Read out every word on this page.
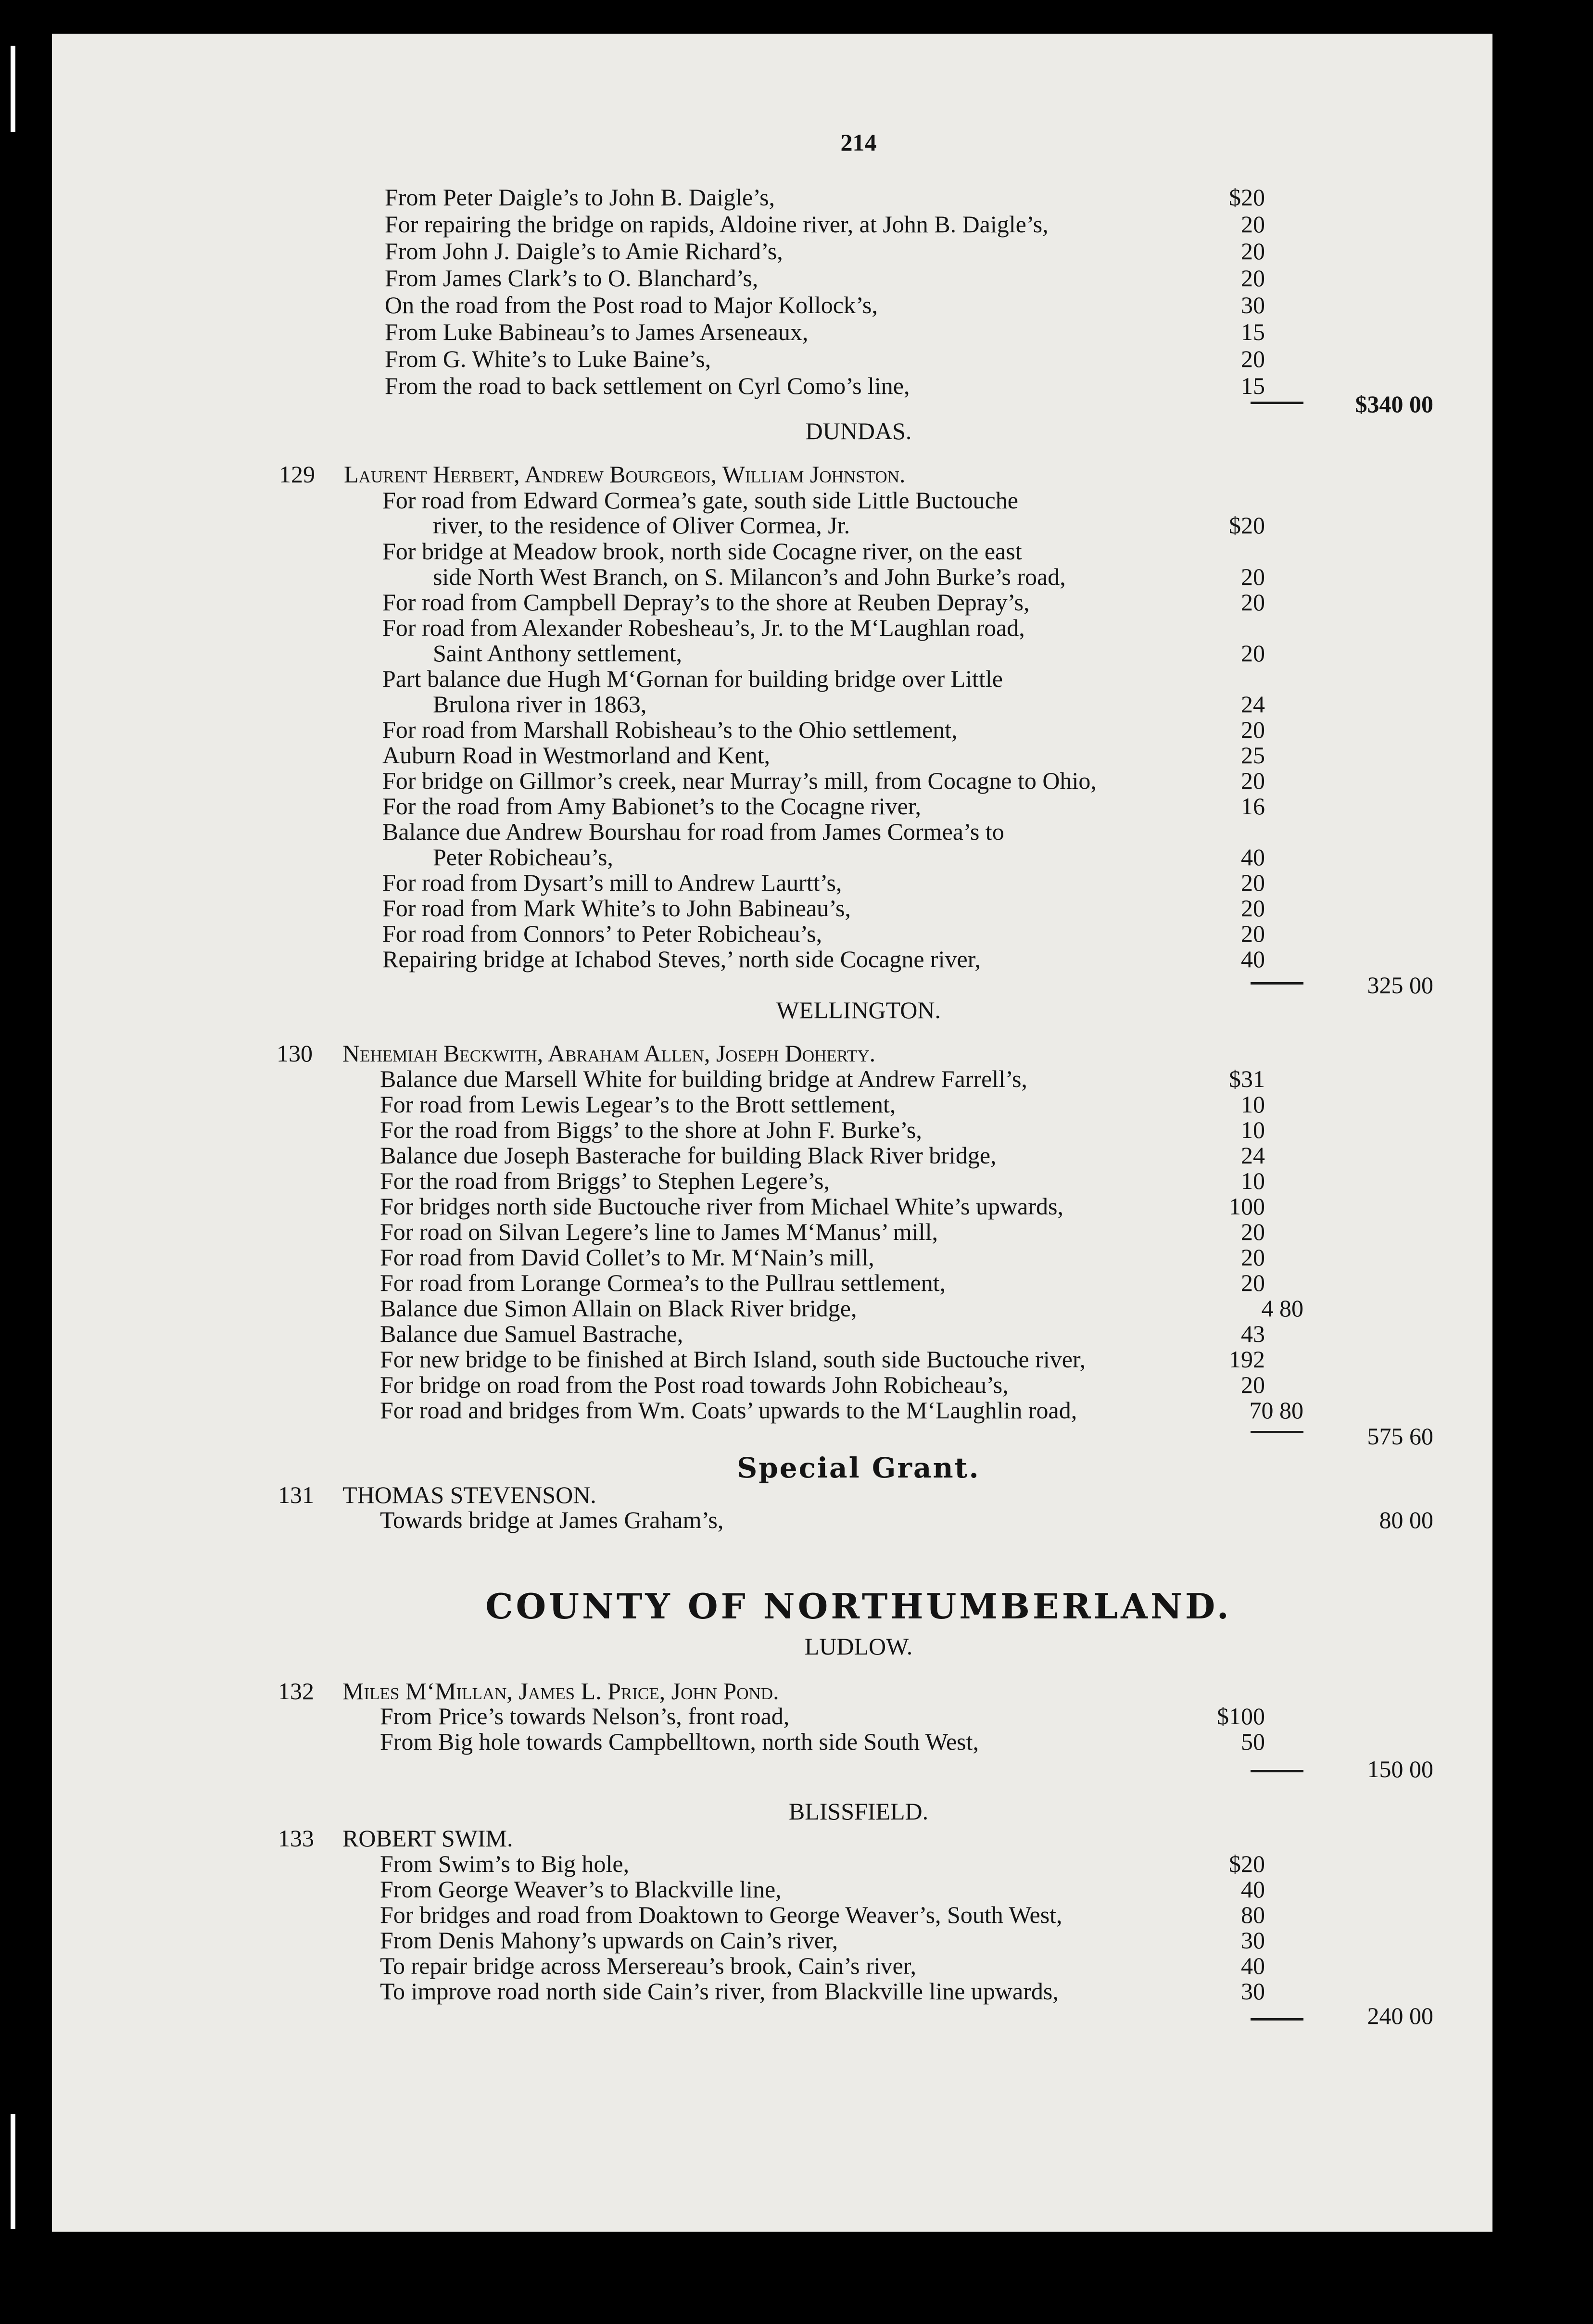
214
From Peter Daigle’s to John B. Daigle’s,	$20
For repairing the bridge on rapids, Aldoine river, at John B. Daigle’s,	20
From John J. Daigle’s to Amie Richard’s,	20
From James Clark’s to O. Blanchard’s,	20
On the road from the Post road to Major Kollock’s,	30
From Luke Babineau’s to James Arseneaux,	15
From G. White’s to Luke Baine’s,	20
From the road to back settlement on Cyrl Como’s line,	15
$340 00
DUNDAS.
129 Laurent Herbert, Andrew Bourgeois, William Johnston.
For road from Edward Cormea’s gate, south side Little Buctouche
river, to the residence of Oliver Cormea, Jr.	$20
For bridge at Meadow brook, north side Cocagne river, on the east
side North West Branch, on S. Milancon’s and John Burke’s road,	20
For road from Campbell Depray’s to the shore at Reuben Depray’s,	20
For road from Alexander Robesheau’s, Jr. to the M‘Laughlan road,
Saint Anthony settlement,	20
Part balance due Hugh M‘Gornan for building bridge over Little
Brulona river in 1863,	24
For road from Marshall Robisheau’s to the Ohio settlement,	20
Auburn Road in Westmorland and Kent,	25
For bridge on Gillmor’s creek, near Murray’s mill, from Cocagne to Ohio,	20
For the road from Amy Babionet’s to the Cocagne river,	16
Balance due Andrew Bourshau for road from James Cormea’s to
Peter Robicheau’s,	40
For road from Dysart’s mill to Andrew Laurtt’s,	20
For road from Mark White’s to John Babineau’s,	20
For road from Connors’ to Peter Robicheau’s,	20
Repairing bridge at Ichabod Steves,’ north side Cocagne river,	40
325 00
WELLINGTON.
130 Nehemiah Beckwith, Abraham Allen, Joseph Doherty.
Balance due Marsell White for building bridge at Andrew Farrell’s,	$31
For road from Lewis Legear’s to the Brott settlement,	10
For the road from Biggs’ to the shore at John F. Burke’s,	10
Balance due Joseph Basterache for building Black River bridge,	24
For the road from Briggs’ to Stephen Legere’s,	10
For bridges north side Buctouche river from Michael White’s upwards,	100
For road on Silvan Legere’s line to James M‘Manus’ mill,	20
For road from David Collet’s to Mr. M‘Nain’s mill,	20
For road from Lorange Cormea’s to the Pullrau settlement,	20
Balance due Simon Allain on Black River bridge,	4 80
Balance due Samuel Bastrache,	43
For new bridge to be finished at Birch Island, south side Buctouche river,	192
For bridge on road from the Post road towards John Robicheau’s,	20
For road and bridges from Wm. Coats’ upwards to the M‘Laughlin road,	70 80
575 60
Special Grant.
131 THOMAS STEVENSON.
Towards bridge at James Graham’s,	80 00
COUNTY OF NORTHUMBERLAND.
LUDLOW.
132 Miles M‘Millan, James L. Price, John Pond.
From Price’s towards Nelson’s, front road,	$100
From Big hole towards Campbelltown, north side South West,	50
150 00
BLISSFIELD.
133 ROBERT SWIM.
From Swim’s to Big hole,	$20
From George Weaver’s to Blackville line,	40
For bridges and road from Doaktown to George Weaver’s, South West,	80
From Denis Mahony’s upwards on Cain’s river,	30
To repair bridge across Mersereau’s brook, Cain’s river,	40
To improve road north side Cain’s river, from Blackville line upwards,	30
240 00
